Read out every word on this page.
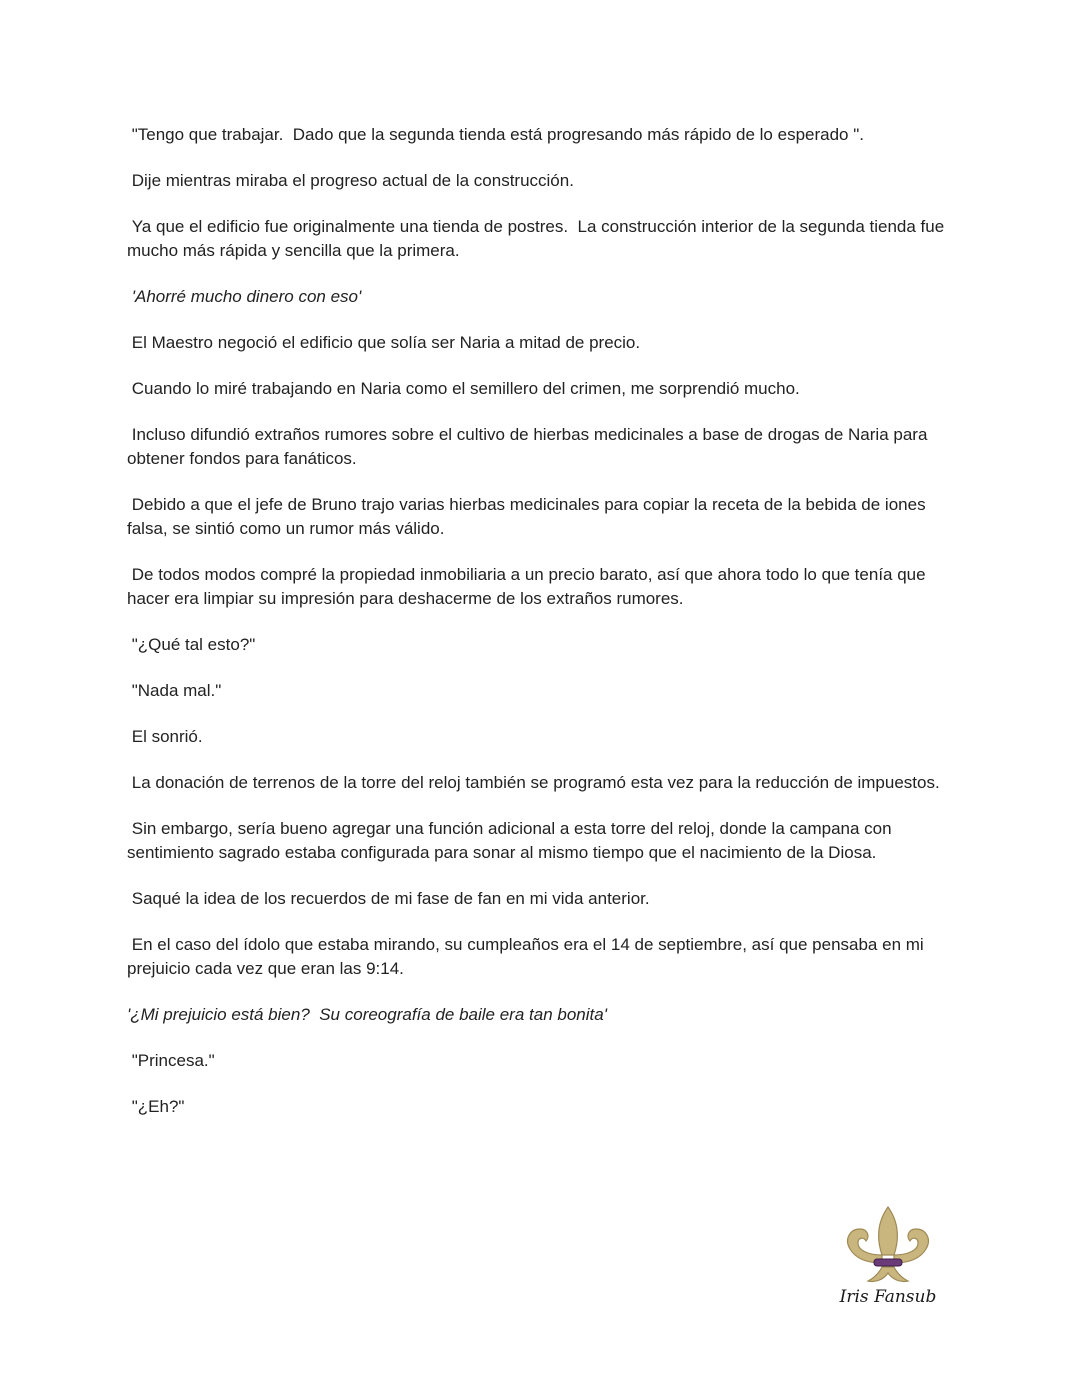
"Tengo que trabajar.  Dado que la segunda tienda está progresando más rápido de lo esperado ".

Dije mientras miraba el progreso actual de la construcción.

Ya que el edificio fue originalmente una tienda de postres.  La construcción interior de la segunda tienda fue mucho más rápida y sencilla que la primera.

'Ahorré mucho dinero con eso'

El Maestro negoció el edificio que solía ser Naria a mitad de precio.

Cuando lo miré trabajando en Naria como el semillero del crimen, me sorprendió mucho.

Incluso difundió extraños rumores sobre el cultivo de hierbas medicinales a base de drogas de Naria para obtener fondos para fanáticos.

Debido a que el jefe de Bruno trajo varias hierbas medicinales para copiar la receta de la bebida de iones falsa, se sintió como un rumor más válido.

De todos modos compré la propiedad inmobiliaria a un precio barato, así que ahora todo lo que tenía que hacer era limpiar su impresión para deshacerme de los extraños rumores.

"¿Qué tal esto?"

"Nada mal."

El sonrió.

La donación de terrenos de la torre del reloj también se programó esta vez para la reducción de impuestos.

Sin embargo, sería bueno agregar una función adicional a esta torre del reloj, donde la campana con sentimiento sagrado estaba configurada para sonar al mismo tiempo que el nacimiento de la Diosa.

Saqué la idea de los recuerdos de mi fase de fan en mi vida anterior.

En el caso del ídolo que estaba mirando, su cumpleaños era el 14 de septiembre, así que pensaba en mi prejuicio cada vez que eran las 9:14.

'¿Mi prejuicio está bien?  Su coreografía de baile era tan bonita'

"Princesa."

"¿Eh?"

Iris Fansub
